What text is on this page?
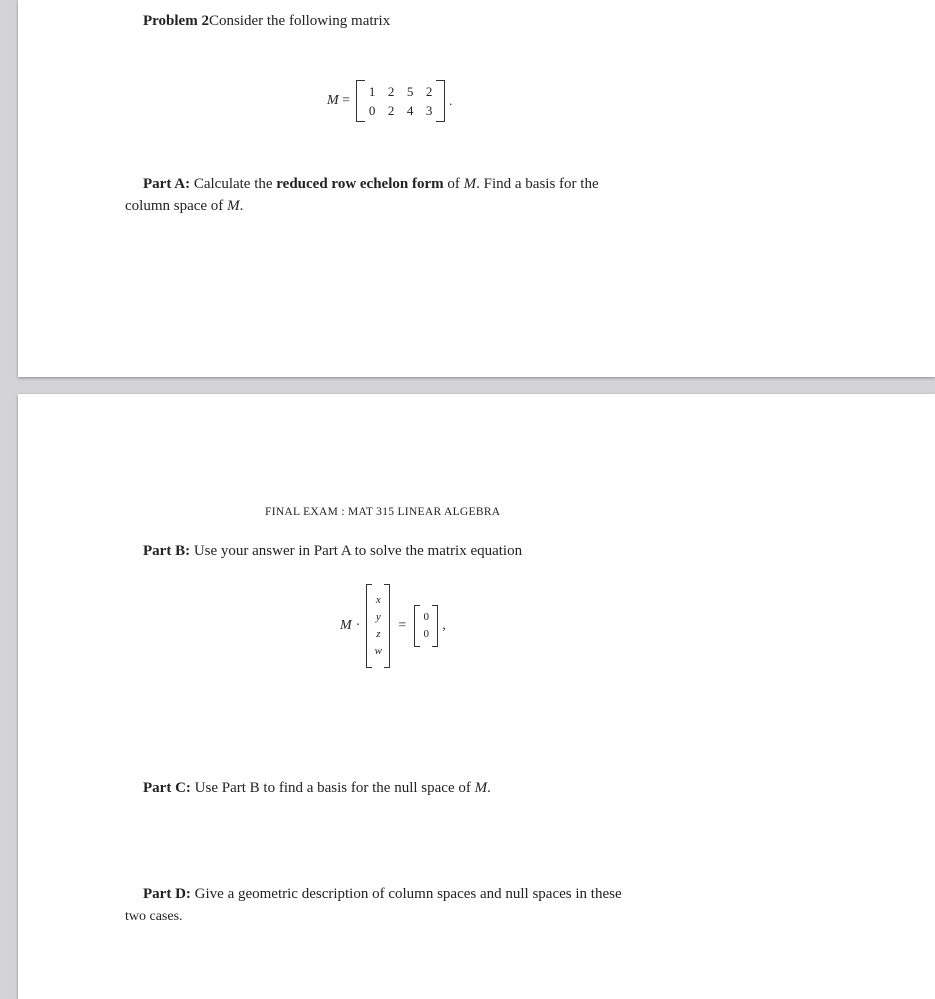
Problem 2Consider the following matrix
M =
1 2 5 2
0 2 4 3
.
Part A: Calculate the reduced row echelon form of M. Find a basis for the
column space of M.
FINAL EXAM : MAT 315 LINEAR ALGEBRA
Part B: Use your answer in Part A to solve the matrix equation
M ·
x
y
z
w
=
0
0
,
Part C: Use Part B to find a basis for the null space of M.
Part D: Give a geometric description of column spaces and null spaces in these
two cases.
